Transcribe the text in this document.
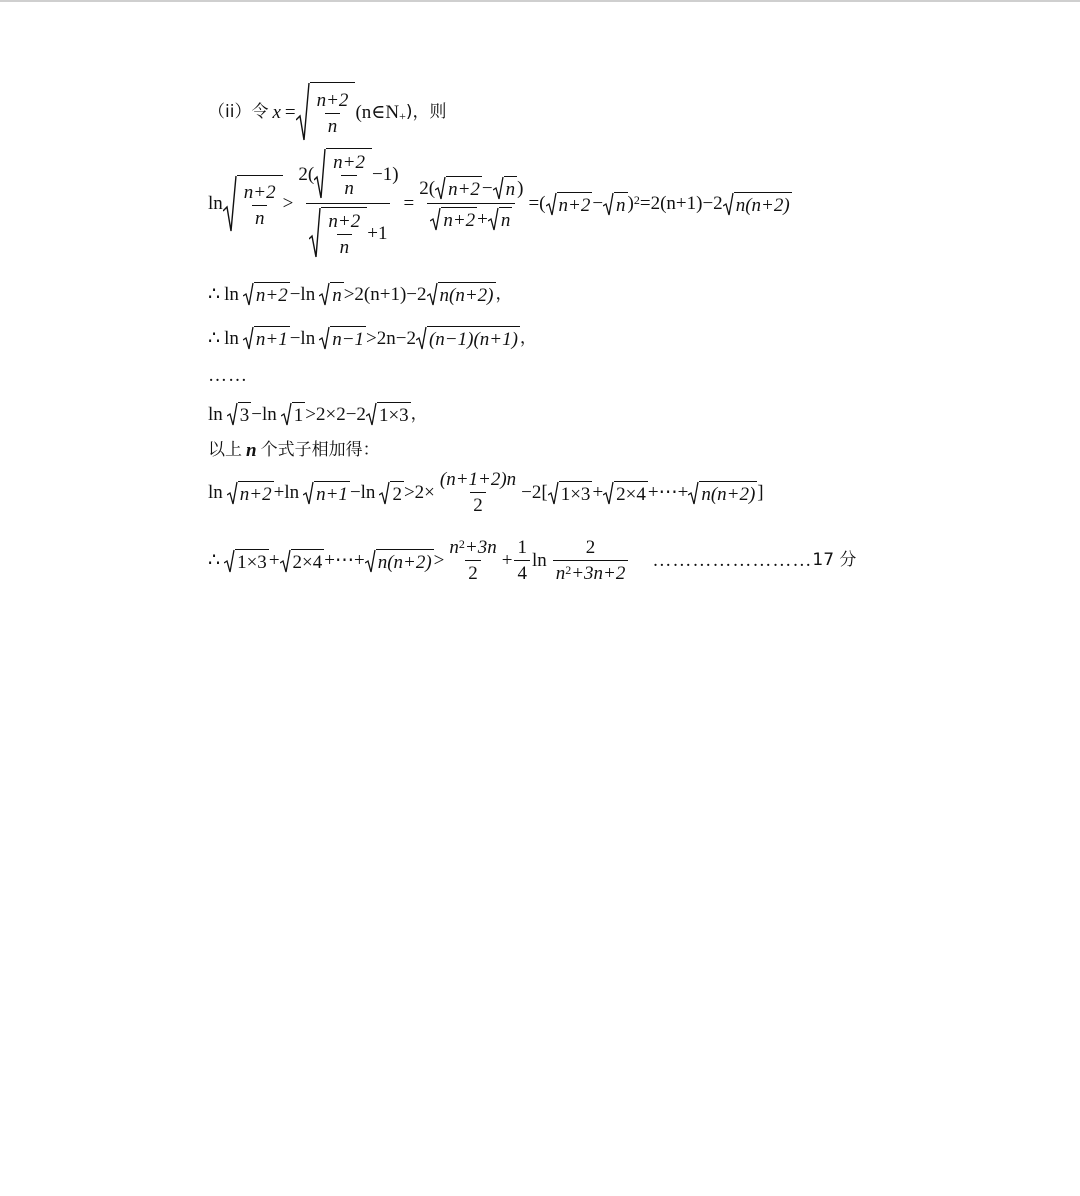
（ii）令 $x = \frac{n+2}{n}$ ($n\in N_+$ )，则
$\ln \frac{n+2}{n} > \frac{2( \frac{n+2}{n} -1)}{\frac{n+2}{n} +1} = \frac{2( n+2 - n )}{n+2 + n}$ = ( n+2 − n )$^2$ = 2(n+1)−2 n(n+2)
∴ ln n+2 −ln n >2(n+1)−2 n(n+2) ，
∴ ln n+1 −ln n−1 >2n−2 (n−1)(n+1) ，
……
ln 3 −ln 1 >2×2−2 1×3 ，
以上 n 个式子相加得：
ln n+2 +ln n+1 −ln $2 >2\times \frac{(n+1+2)n}{2} -2$[ 1×3 + 2×4 +⋯+ n(n+2) ]
∴ 1×3 + 2×4 +⋯+ $n(n+2) > \frac{n^2 +3n}{2} + \frac{1}{4}$ $\ln \frac{2}{n^2 +3n+2}$ …………………… 17 分
